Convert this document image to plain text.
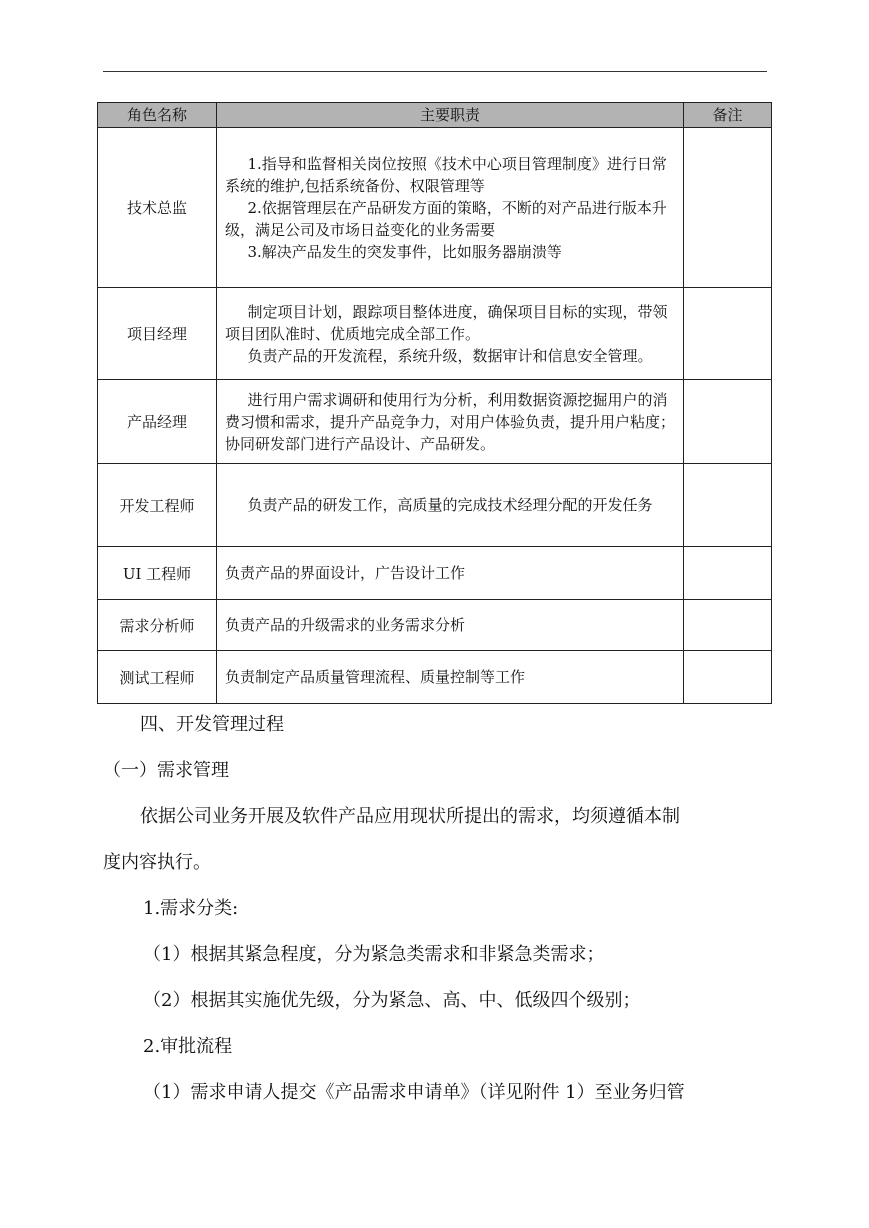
角色名称	主要职责	备注
技术总监	1.指导和监督相关岗位按照《技术中心项目管理制度》进行日常系统的维护,包括系统备份、权限管理等
2.依据管理层在产品研发方面的策略，不断的对产品进行版本升级，满足公司及市场日益变化的业务需要
3.解决产品发生的突发事件，比如服务器崩溃等	

项目经理	制定项目计划，跟踪项目整体进度，确保项目目标的实现，带领项目团队准时、优质地完成全部工作。
负责产品的开发流程，系统升级，数据审计和信息安全管理。	

产品经理	进行用户需求调研和使用行为分析，利用数据资源挖掘用户的消费习惯和需求，提升产品竞争力，对用户体验负责，提升用户粘度；协同研发部门进行产品设计、产品研发。	

开发工程师	负责产品的研发工作，高质量的完成技术经理分配的开发任务	

UI 工程师	负责产品的界面设计，广告设计工作	

需求分析师	负责产品的升级需求的业务需求分析	

测试工程师	负责制定产品质量管理流程、质量控制等工作	

四、开发管理过程
（一）需求管理
依据公司业务开展及软件产品应用现状所提出的需求，均须遵循本制
度内容执行。
1.需求分类:
（1）根据其紧急程度，分为紧急类需求和非紧急类需求；
（2）根据其实施优先级，分为紧急、高、中、低级四个级别；
2.审批流程
（1）需求申请人提交《产品需求申请单》（详见附件 1）至业务归管
